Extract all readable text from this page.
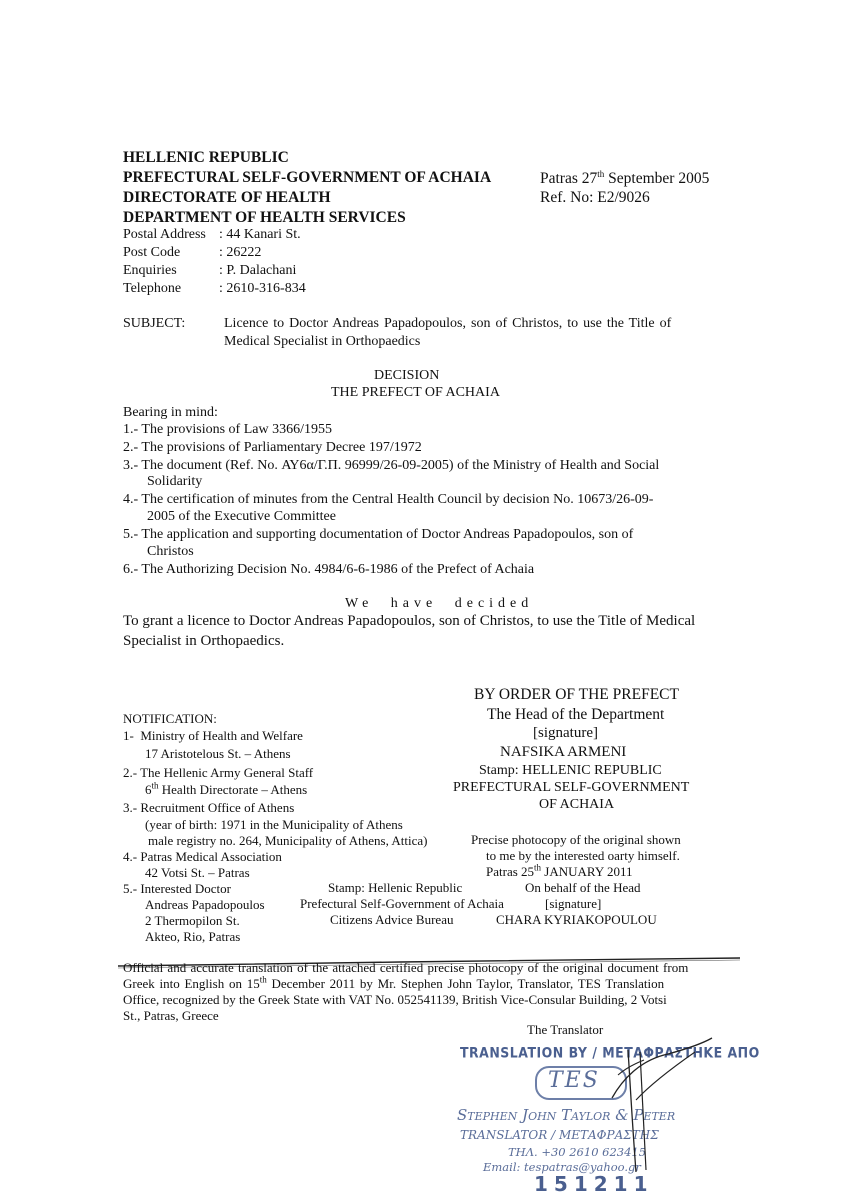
HELLENIC REPUBLIC
PREFECTURAL SELF-GOVERNMENT OF ACHAIA
DIRECTORATE OF HEALTH
DEPARTMENT OF HEALTH SERVICES
Patras 27th September 2005
Ref. No: E2/9026
Postal Address : 44 Kanari St.
Post Code	: 26222
Enquiries	: P. Dalachani
Telephone	: 2610-316-834
SUBJECT:	Licence to Doctor Andreas Papadopoulos, son of Christos, to use the Title of
Medical Specialist in Orthopaedics
DECISION
THE PREFECT OF ACHAIA
Bearing in mind:
1.- The provisions of Law 3366/1955
2.- The provisions of Parliamentary Decree 197/1972
3.- The document (Ref. No. ΑΥ6α/Γ.Π. 96999/26-09-2005) of the Ministry of Health and Social
Solidarity
4.- The certification of minutes from the Central Health Council by decision No. 10673/26-09-
2005 of the Executive Committee
5.- The application and supporting documentation of Doctor Andreas Papadopoulos, son of
Christos
6.- The Authorizing Decision No. 4984/6-6-1986 of the Prefect of Achaia
We have decided
To grant a licence to Doctor Andreas Papadopoulos, son of Christos, to use the Title of Medical
Specialist in Orthopaedics.
BY ORDER OF THE PREFECT
The Head of the Department
[signature]
NAFSIKA ARMENI
Stamp: HELLENIC REPUBLIC
PREFECTURAL SELF-GOVERNMENT
OF ACHAIA
NOTIFICATION:
1- Ministry of Health and Welfare
17 Aristotelous St. – Athens
2.- The Hellenic Army General Staff
6th Health Directorate – Athens
3.- Recruitment Office of Athens
(year of birth: 1971 in the Municipality of Athens
male registry no. 264, Municipality of Athens, Attica)
4.- Patras Medical Association
42 Votsi St. – Patras
5.- Interested Doctor
Andreas Papadopoulos
2 Thermopilon St.
Akteo, Rio, Patras
Precise photocopy of the original shown
to me by the interested oarty himself.
Patras 25th JANUARY 2011
On behalf of the Head
[signature]
CHARA KYRIAKOPOULOU
Stamp: Hellenic Republic
Prefectural Self-Government of Achaia
Citizens Advice Bureau
Official and accurate translation of the attached certified precise photocopy of the original document from
Greek into English on 15th December 2011 by Mr. Stephen John Taylor, Translator, TES Translation
Office, recognized by the Greek State with VAT No. 052541139, British Vice-Consular Building, 2 Votsi
St., Patras, Greece
The Translator
TRANSLATION BY / ΜΕΤΑΦΡΑΣΤΗΚΕ ΑΠΟ
TES
Stephen John Taylor & Peter
TRANSLATOR / ΜΕΤΑΦΡΑΣΤΗΣ
ΤΗΛ. +30 2610 623415
Email: tespatras@yahoo.gr
151211
